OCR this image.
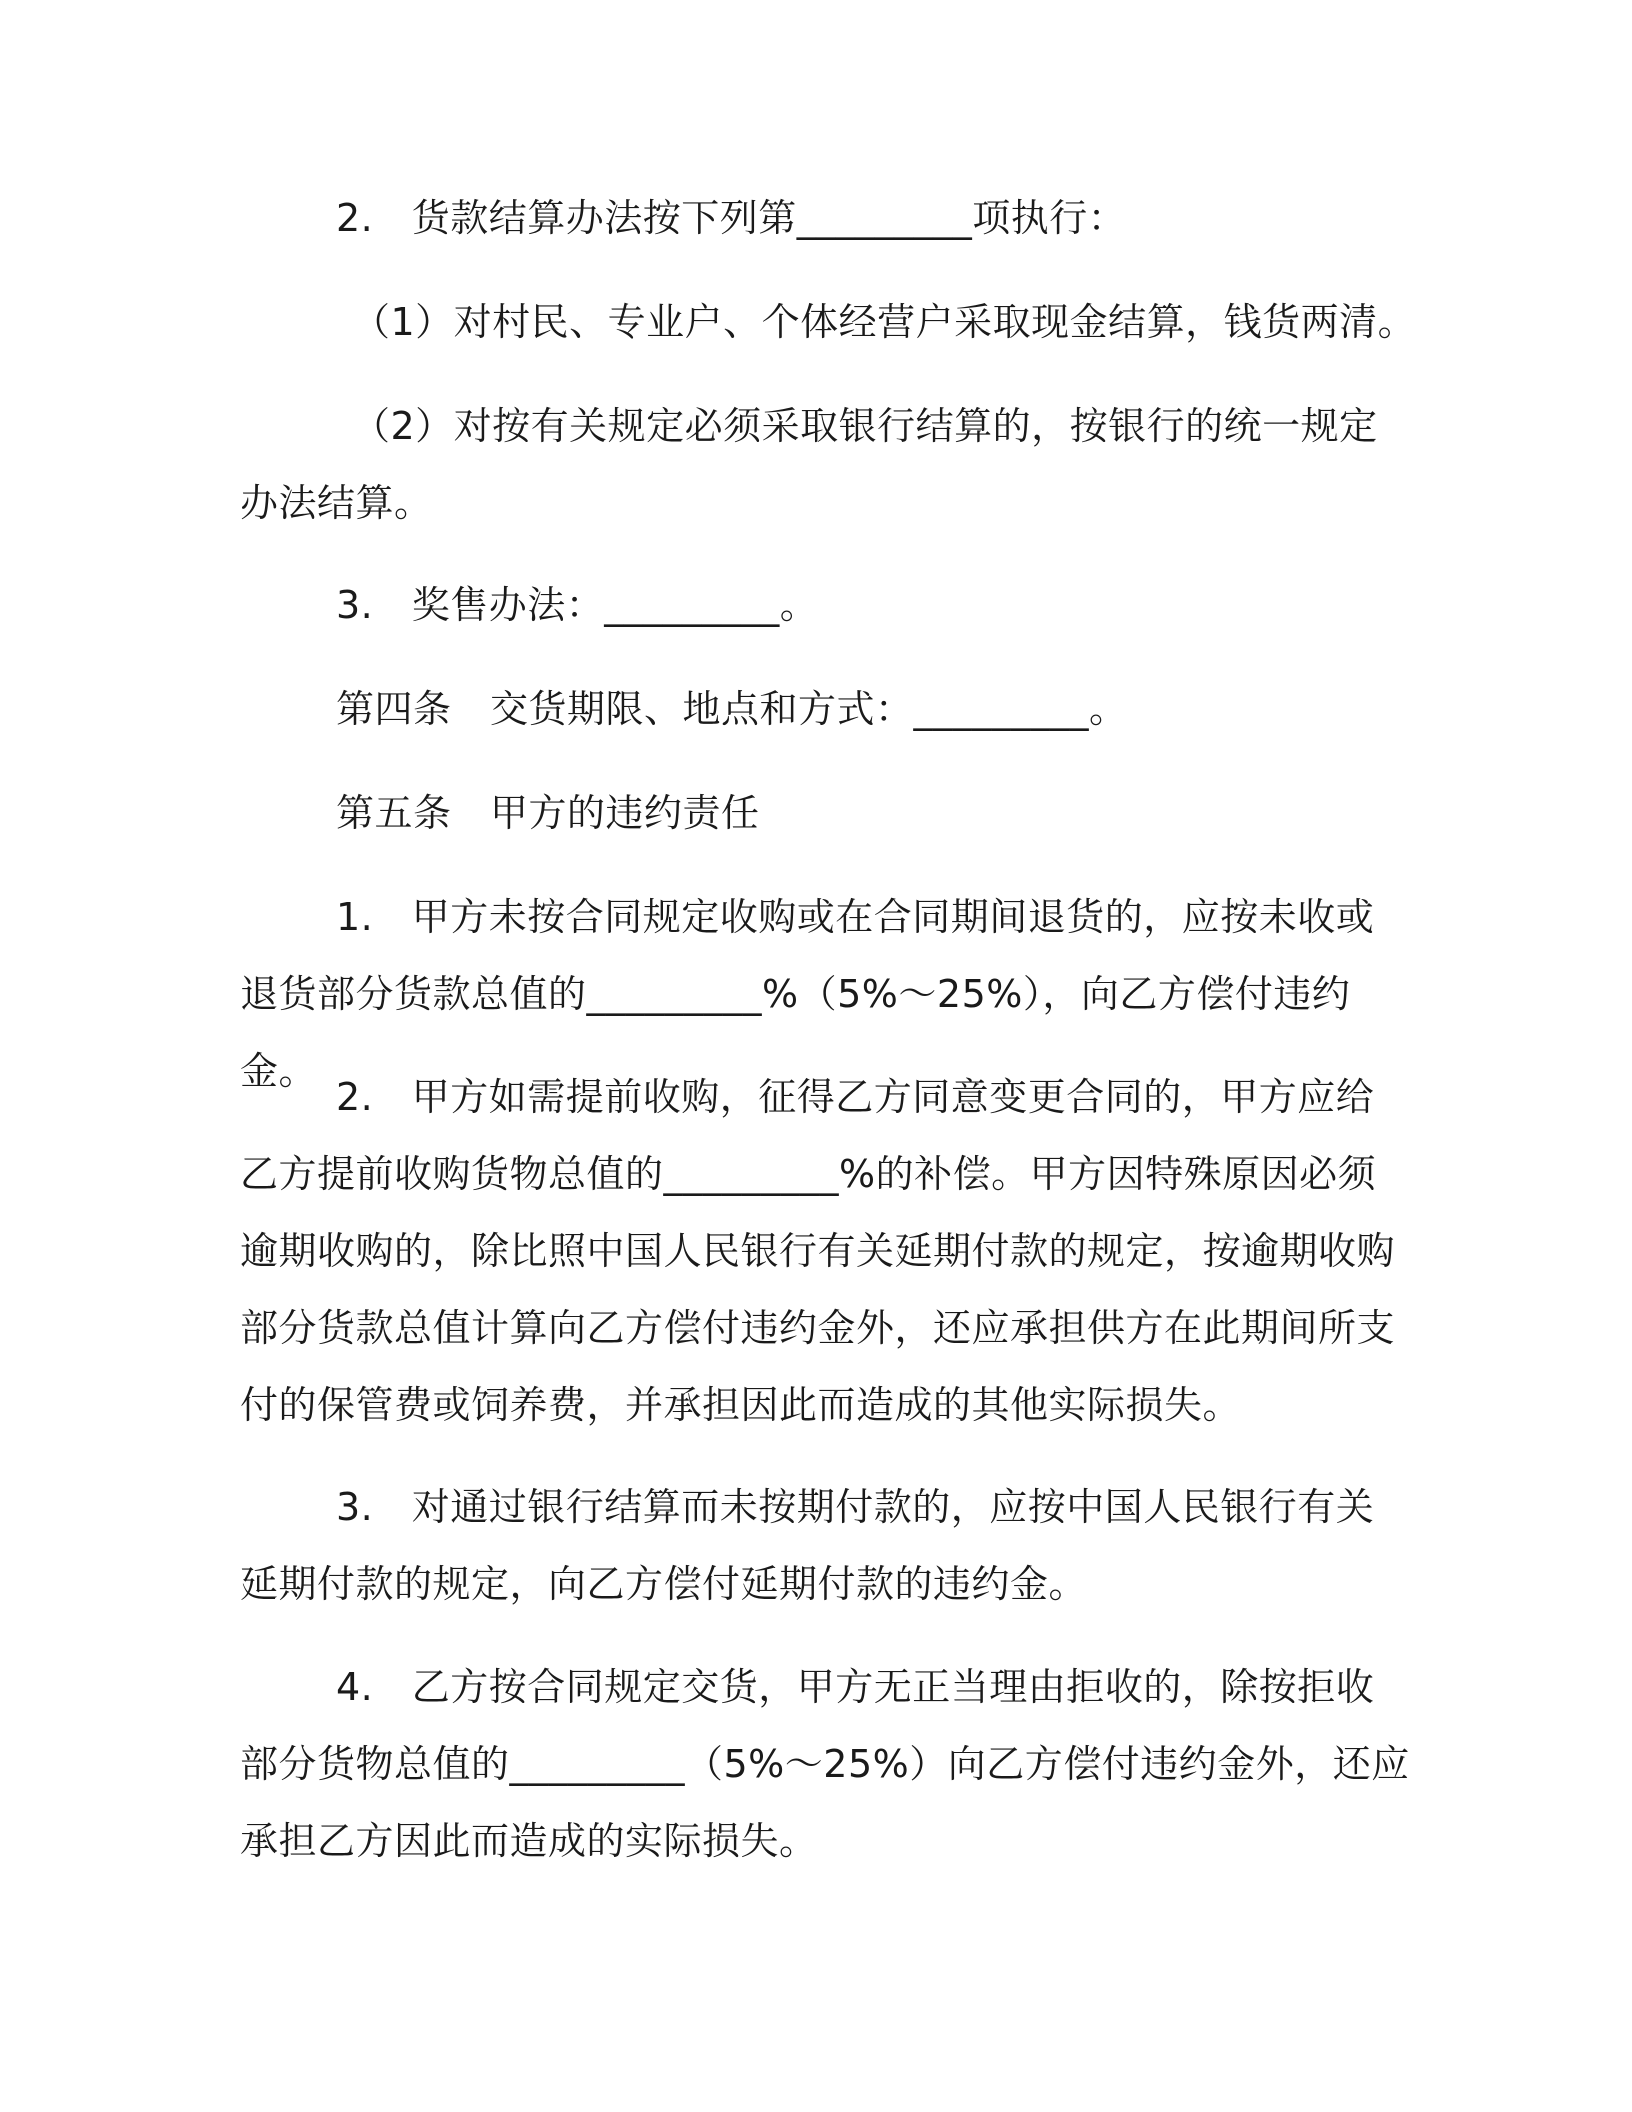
2.　货款结算办法按下列第_________项执行：
（1）对村民、专业户、个体经营户采取现金结算，钱货两清。
（2）对按有关规定必须采取银行结算的，按银行的统一规定办法结算。
3.　奖售办法：_________。
第四条　交货期限、地点和方式：_________。
第五条　甲方的违约责任
1.　甲方未按合同规定收购或在合同期间退货的，应按未收或退货部分货款总值的_________%（5%～25%），向乙方偿付违约金。
2.　甲方如需提前收购，征得乙方同意变更合同的，甲方应给乙方提前收购货物总值的_________%的补偿。甲方因特殊原因必须逾期收购的，除比照中国人民银行有关延期付款的规定，按逾期收购部分货款总值计算向乙方偿付违约金外，还应承担供方在此期间所支付的保管费或饲养费，并承担因此而造成的其他实际损失。
3.　对通过银行结算而未按期付款的，应按中国人民银行有关延期付款的规定，向乙方偿付延期付款的违约金。
4.　乙方按合同规定交货，甲方无正当理由拒收的，除按拒收部分货物总值的_________（5%～25%）向乙方偿付违约金外，还应承担乙方因此而造成的实际损失。
